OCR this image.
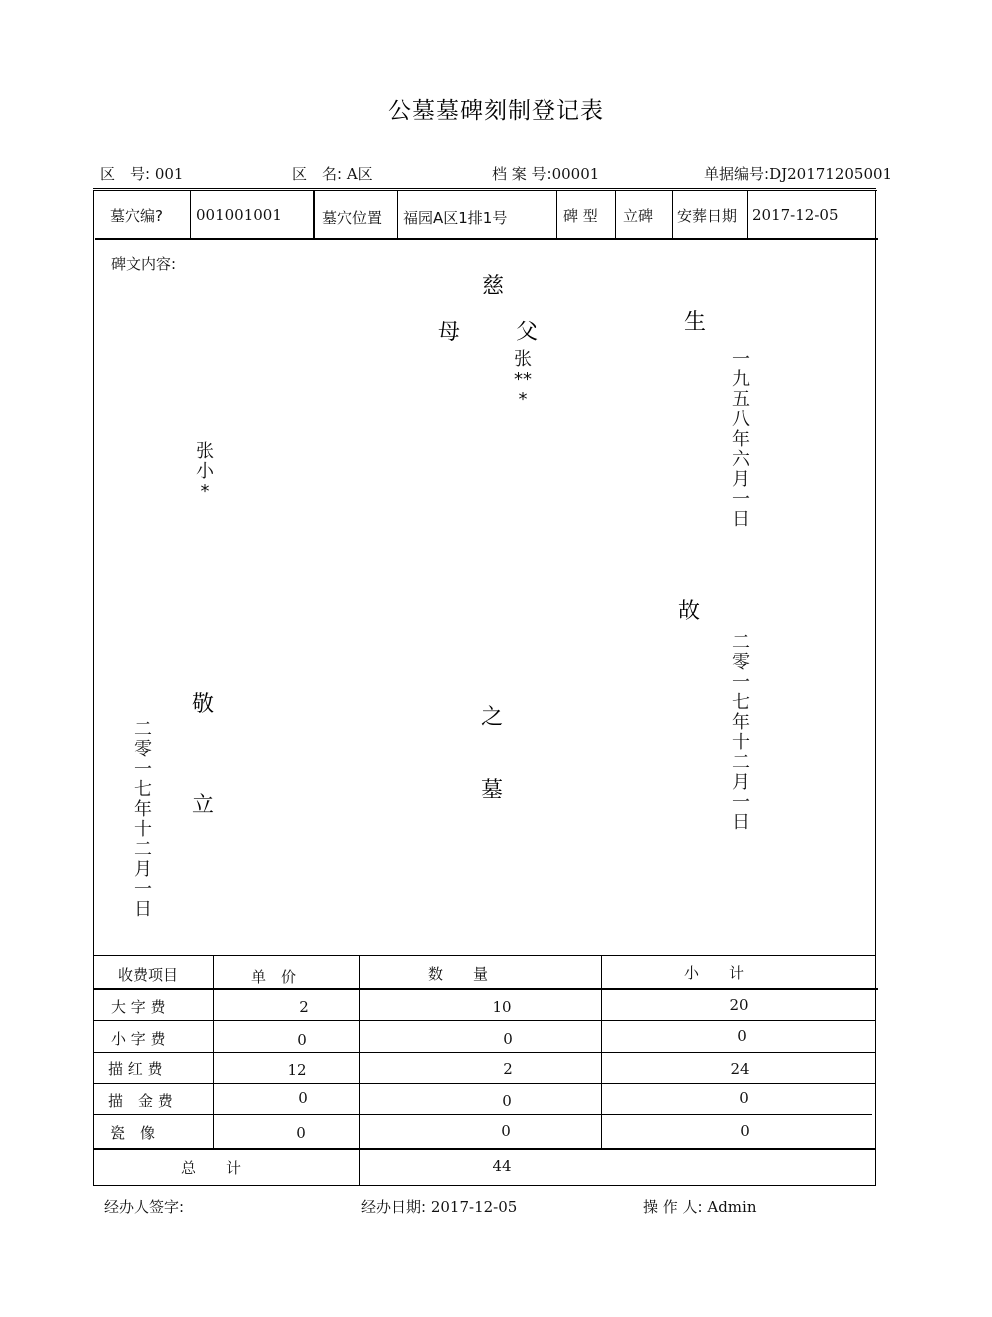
公墓墓碑刻制登记表
区　号: 001	区　名: A区	档 案 号:00001	单据编号:DJ20171205001
墓穴编? 001001001	墓穴位置 福园A区1排1号	碑 型 立碑 安葬日期 2017-12-05
碑文内容:
慈
母	父
张***
之
墓
生
一九五八年六月一日
故
二零一七年十二月一日
张小*
敬
立
二零一七年十二月一日
收费项目	单　价	数　　量	小　　计
大 字 费	2	10	20
小 字 费	0	0	0
描 红 费	12	2	24
描　金 费	0	0	0
瓷　像	0	0	0
总　　计	44
经办人签字:	经办日期: 2017-12-05	操 作 人: Admin
